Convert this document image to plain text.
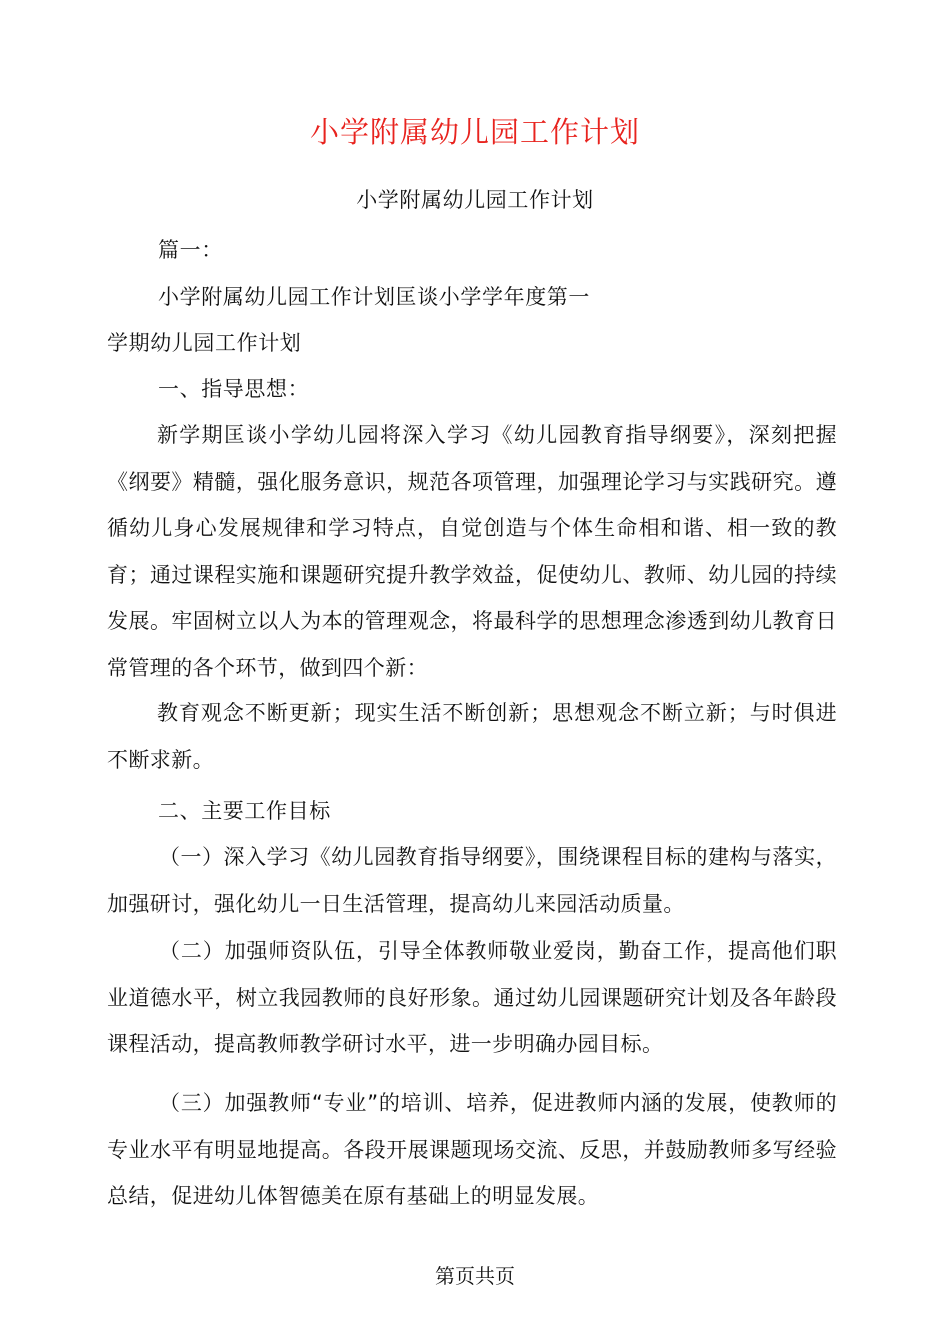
小学附属幼儿园工作计划
小学附属幼儿园工作计划
篇一：
小学附属幼儿园工作计划匡谈小学学年度第一
学期幼儿园工作计划
一、指导思想：
新学期匡谈小学幼儿园将深入学习《幼儿园教育指导纲要》，深刻把握《纲要》精髓，强化服务意识，规范各项管理，加强理论学习与实践研究。遵循幼儿身心发展规律和学习特点，自觉创造与个体生命相和谐、相一致的教育；通过课程实施和课题研究提升教学效益，促使幼儿、教师、幼儿园的持续发展。牢固树立以人为本的管理观念，将最科学的思想理念渗透到幼儿教育日常管理的各个环节，做到四个新：
教育观念不断更新；现实生活不断创新；思想观念不断立新；与时俱进不断求新。
二、主要工作目标
（一）深入学习《幼儿园教育指导纲要》，围绕课程目标的建构与落实，加强研讨，强化幼儿一日生活管理，提高幼儿来园活动质量。
（二）加强师资队伍，引导全体教师敬业爱岗，勤奋工作，提高他们职业道德水平，树立我园教师的良好形象。通过幼儿园课题研究计划及各年龄段课程活动，提高教师教学研讨水平，进一步明确办园目标。
（三）加强教师“专业”的培训、培养，促进教师内涵的发展，使教师的专业水平有明显地提高。各段开展课题现场交流、反思，并鼓励教师多写经验总结，促进幼儿体智德美在原有基础上的明显发展。
第页共页
